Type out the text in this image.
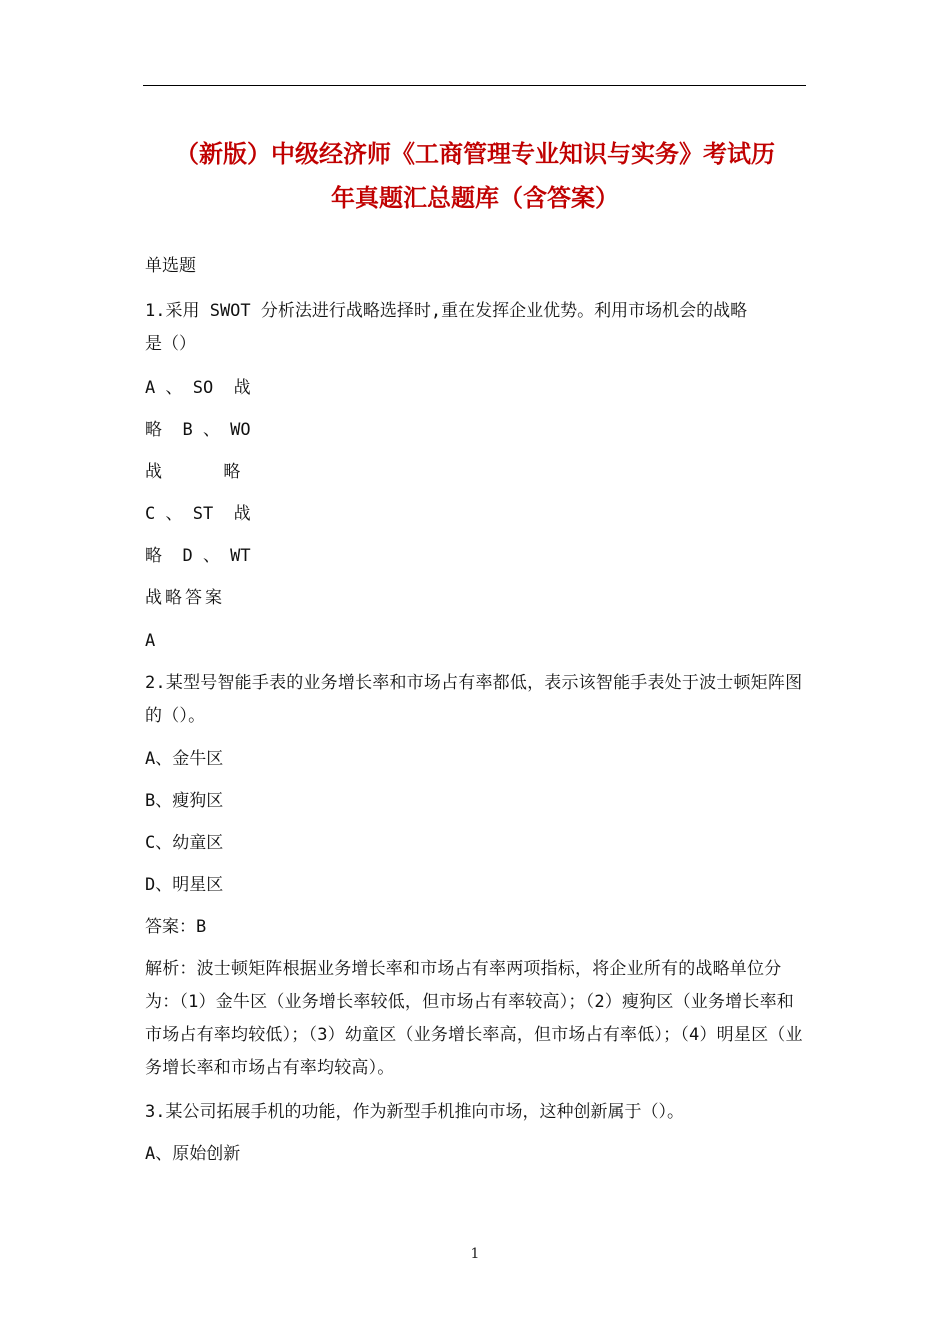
（新版）中级经济师《工商管理专业知识与实务》考试历
年真题汇总题库（含答案）

单选题

1.采用 SWOT 分析法进行战略选择时,重在发挥企业优势。利用市场机会的战略

是（）

A 、 SO  战

略  B 、 WO

战      略

C 、 ST  战

略  D 、 WT

战略答案

A

2.某型号智能手表的业务增长率和市场占有率都低，表示该智能手表处于波士顿矩阵图的（）。

A、金牛区

B、瘦狗区

C、幼童区

D、明星区

答案：B

解析：波士顿矩阵根据业务增长率和市场占有率两项指标，将企业所有的战略单位分为：（1）金牛区（业务增长率较低，但市场占有率较高）；（2）瘦狗区（业务增长率和市场占有率均较低）；（3）幼童区（业务增长率高，但市场占有率低）；（4）明星区（业务增长率和市场占有率均较高）。

3.某公司拓展手机的功能，作为新型手机推向市场，这种创新属于（）。

A、原始创新

1
